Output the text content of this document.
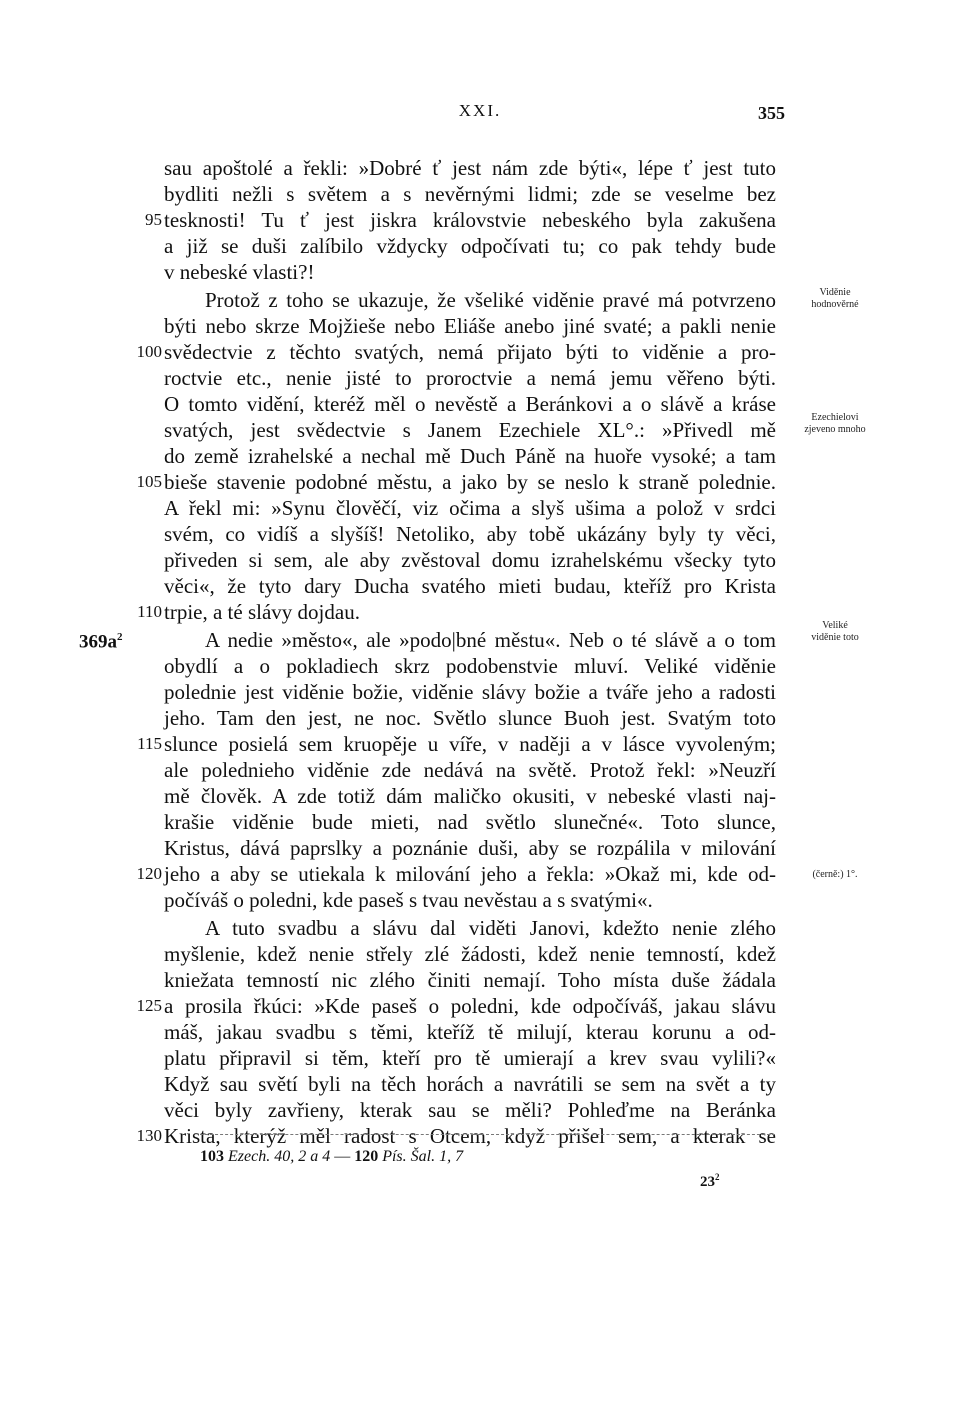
XXI.	355
sau apoštolé a řekli: »Dobré ť jest nám zde býti«, lépe ť jest tuto
bydliti nežli s světem a s nevěrnými lidmi; zde se veselme bez
tesknosti! Tu ť jest jiskra královstvie nebeského byla zakušena
a již se duši zalíbilo vždycky odpočívati tu; co pak tehdy bude
v nebeské vlasti?!
Protož z toho se ukazuje, že všeliké viděnie pravé má potvrzeno
býti nebo skrze Mojžieše nebo Eliáše anebo jiné svaté; a pakli nenie
svědectvie z těchto svatých, nemá přijato býti to viděnie a pro-
roctvie etc., nenie jisté to proroctvie a nemá jemu věřeno býti.
O tomto vidění, kteréž měl o nevěstě a Beránkovi a o slávě a kráse
svatých, jest svědectvie s Janem Ezechiele XL°.: »Přivedl mě
do země izrahelské a nechal mě Duch Páně na huoře vysoké; a tam
bieše stavenie podobné městu, a jako by se neslo k straně polednie.
A řekl mi: »Synu člověčí, viz očima a slyš ušima a polož v srdci
svém, co vidíš a slyšíš! Netoliko, aby tobě ukázány byly ty věci,
přiveden si sem, ale aby zvěstoval domu izrahelskému všecky tyto
věci«, že tyto dary Ducha svatého mieti budau, kteříž pro Krista
trpie, a té slávy dojdau.
A nedie »město«, ale »podo|bné městu«. Neb o té slávě a o tom
obydlí a o pokladiech skrz podobenstvie mluví. Veliké viděnie
polednie jest viděnie božie, viděnie slávy božie a tváře jeho a radosti
jeho. Tam den jest, ne noc. Světlo slunce Buoh jest. Svatým toto
slunce posielá sem kruopěje u víře, v naději a v lásce vyvoleným;
ale polednieho viděnie zde nedává na světě. Protož řekl: »Neuzří
mě člověk. A zde totiž dám maličko okusiti, v nebeské vlasti naj-
krašie viděnie bude mieti, nad světlo slunečné«. Toto slunce,
Kristus, dává paprslky a poznánie duši, aby se rozpálila v milování
jeho a aby se utiekala k milování jeho a řekla: »Okaž mi, kde od-
počíváš o poledni, kde paseš s tvau nevěstau a s svatými«.
A tuto svadbu a slávu dal viděti Janovi, kdežto nenie zlého
myšlenie, kdež nenie střely zlé žádosti, kdež nenie temností, kdež
kniežata temností nic zlého činiti nemají. Toho místa duše žádala
a prosila řkúci: »Kde paseš o poledni, kde odpočíváš, jakau slávu
máš, jakau svadbu s těmi, kteříž tě milují, kterau korunu a od-
platu připravil si těm, kteří pro tě umierají a krev svau vylili?«
Když sau světí byli na těch horách a navrátili se sem na svět a ty
věci byly zavřieny, kterak sau se měli? Pohleďme na Beránka
Krista, kterýž měl radost s Otcem, když přišel sem, a kterak se
95
100
105
110
115
120
125
130
$369a^2$
Viděnie
hodnověrné
Ezechielovi
zjeveno mnoho
Veliké
viděnie toto
(černě:) 1°.
103 Ezech. 40, 2 a 4 — 120 Pís. Šal. 1, 7
$23^2$
